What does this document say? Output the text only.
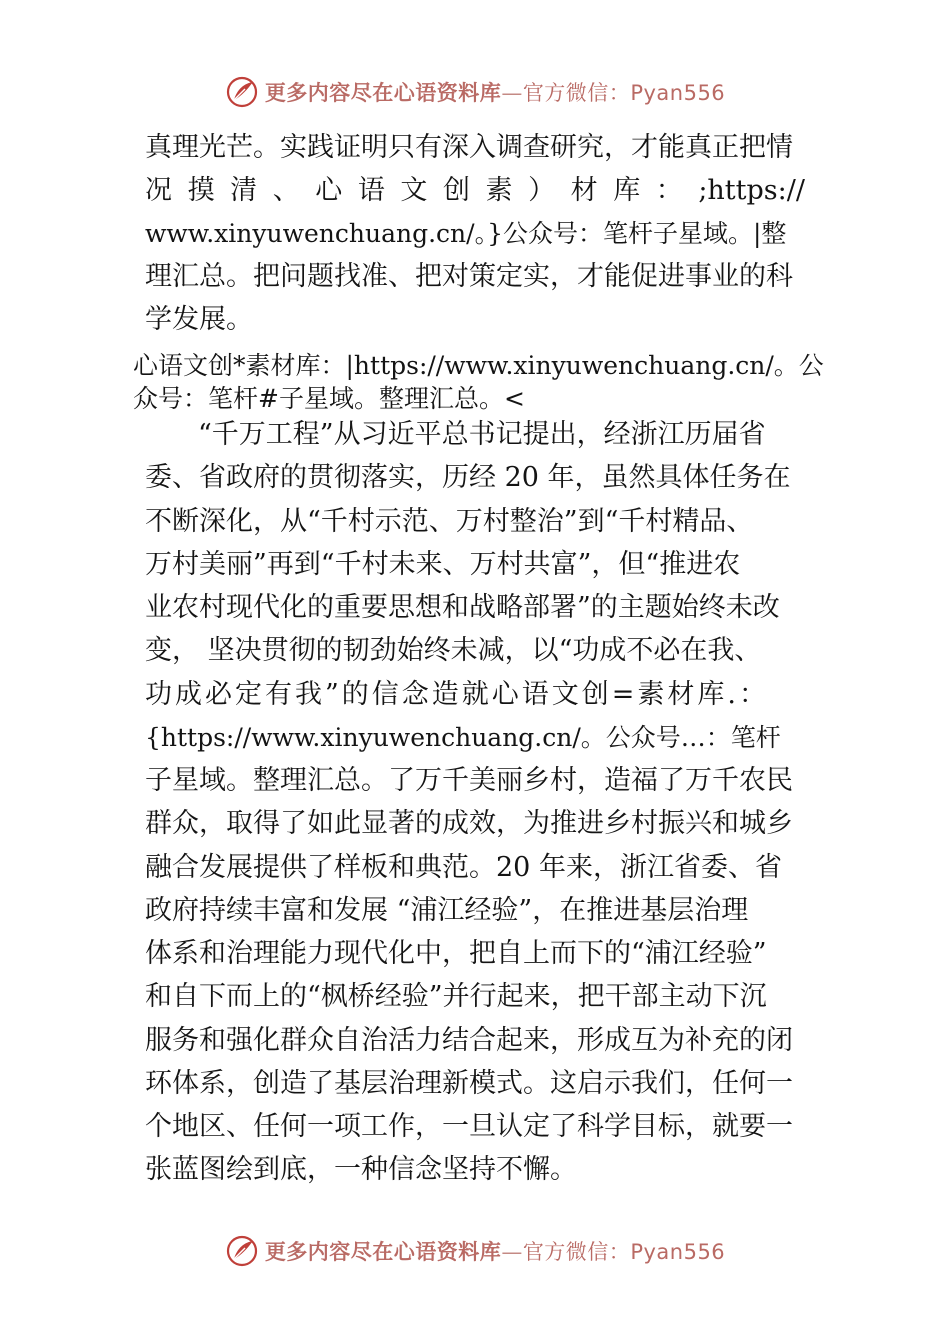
更多内容尽在心语资料库—官方微信：Pyan556
真理光芒。实践证明只有深入调查研究，才能真正把情
况 摸 清 、 心 语 文 创 素 ） 材 库 ： ;https://
www.xinyuwenchuang.cn/。}公众号：笔杆子星域。|整
理汇总。把问题找准、把对策定实，才能促进事业的科
学发展。
心语文创*素材库：|https://www.xinyuwenchuang.cn/。公
众号：笔杆#子星域。整理汇总。<
“千万工程”从习近平总书记提出，经浙江历届省
委、省政府的贯彻落实，历经 20 年，虽然具体任务在
不断深化，从“千村示范、万村整治”到“千村精品、
万村美丽”再到“千村未来、万村共富”，但“推进农
业农村现代化的重要思想和战略部署”的主题始终未改
变， 坚决贯彻的韧劲始终未减，以“功成不必在我、
功成必定有我”的信念造就心语文创=素材库.：
{https://www.xinyuwenchuang.cn/。公众号…：笔杆
子星域。整理汇总。了万千美丽乡村，造福了万千农民
群众，取得了如此显著的成效，为推进乡村振兴和城乡
融合发展提供了样板和典范。20 年来，浙江省委、省
政府持续丰富和发展 “浦江经验”，在推进基层治理
体系和治理能力现代化中，把自上而下的“浦江经验”
和自下而上的“枫桥经验”并行起来，把干部主动下沉
服务和强化群众自治活力结合起来，形成互为补充的闭
环体系，创造了基层治理新模式。这启示我们，任何一
个地区、任何一项工作，一旦认定了科学目标，就要一
张蓝图绘到底，一种信念坚持不懈。
更多内容尽在心语资料库—官方微信：Pyan556
